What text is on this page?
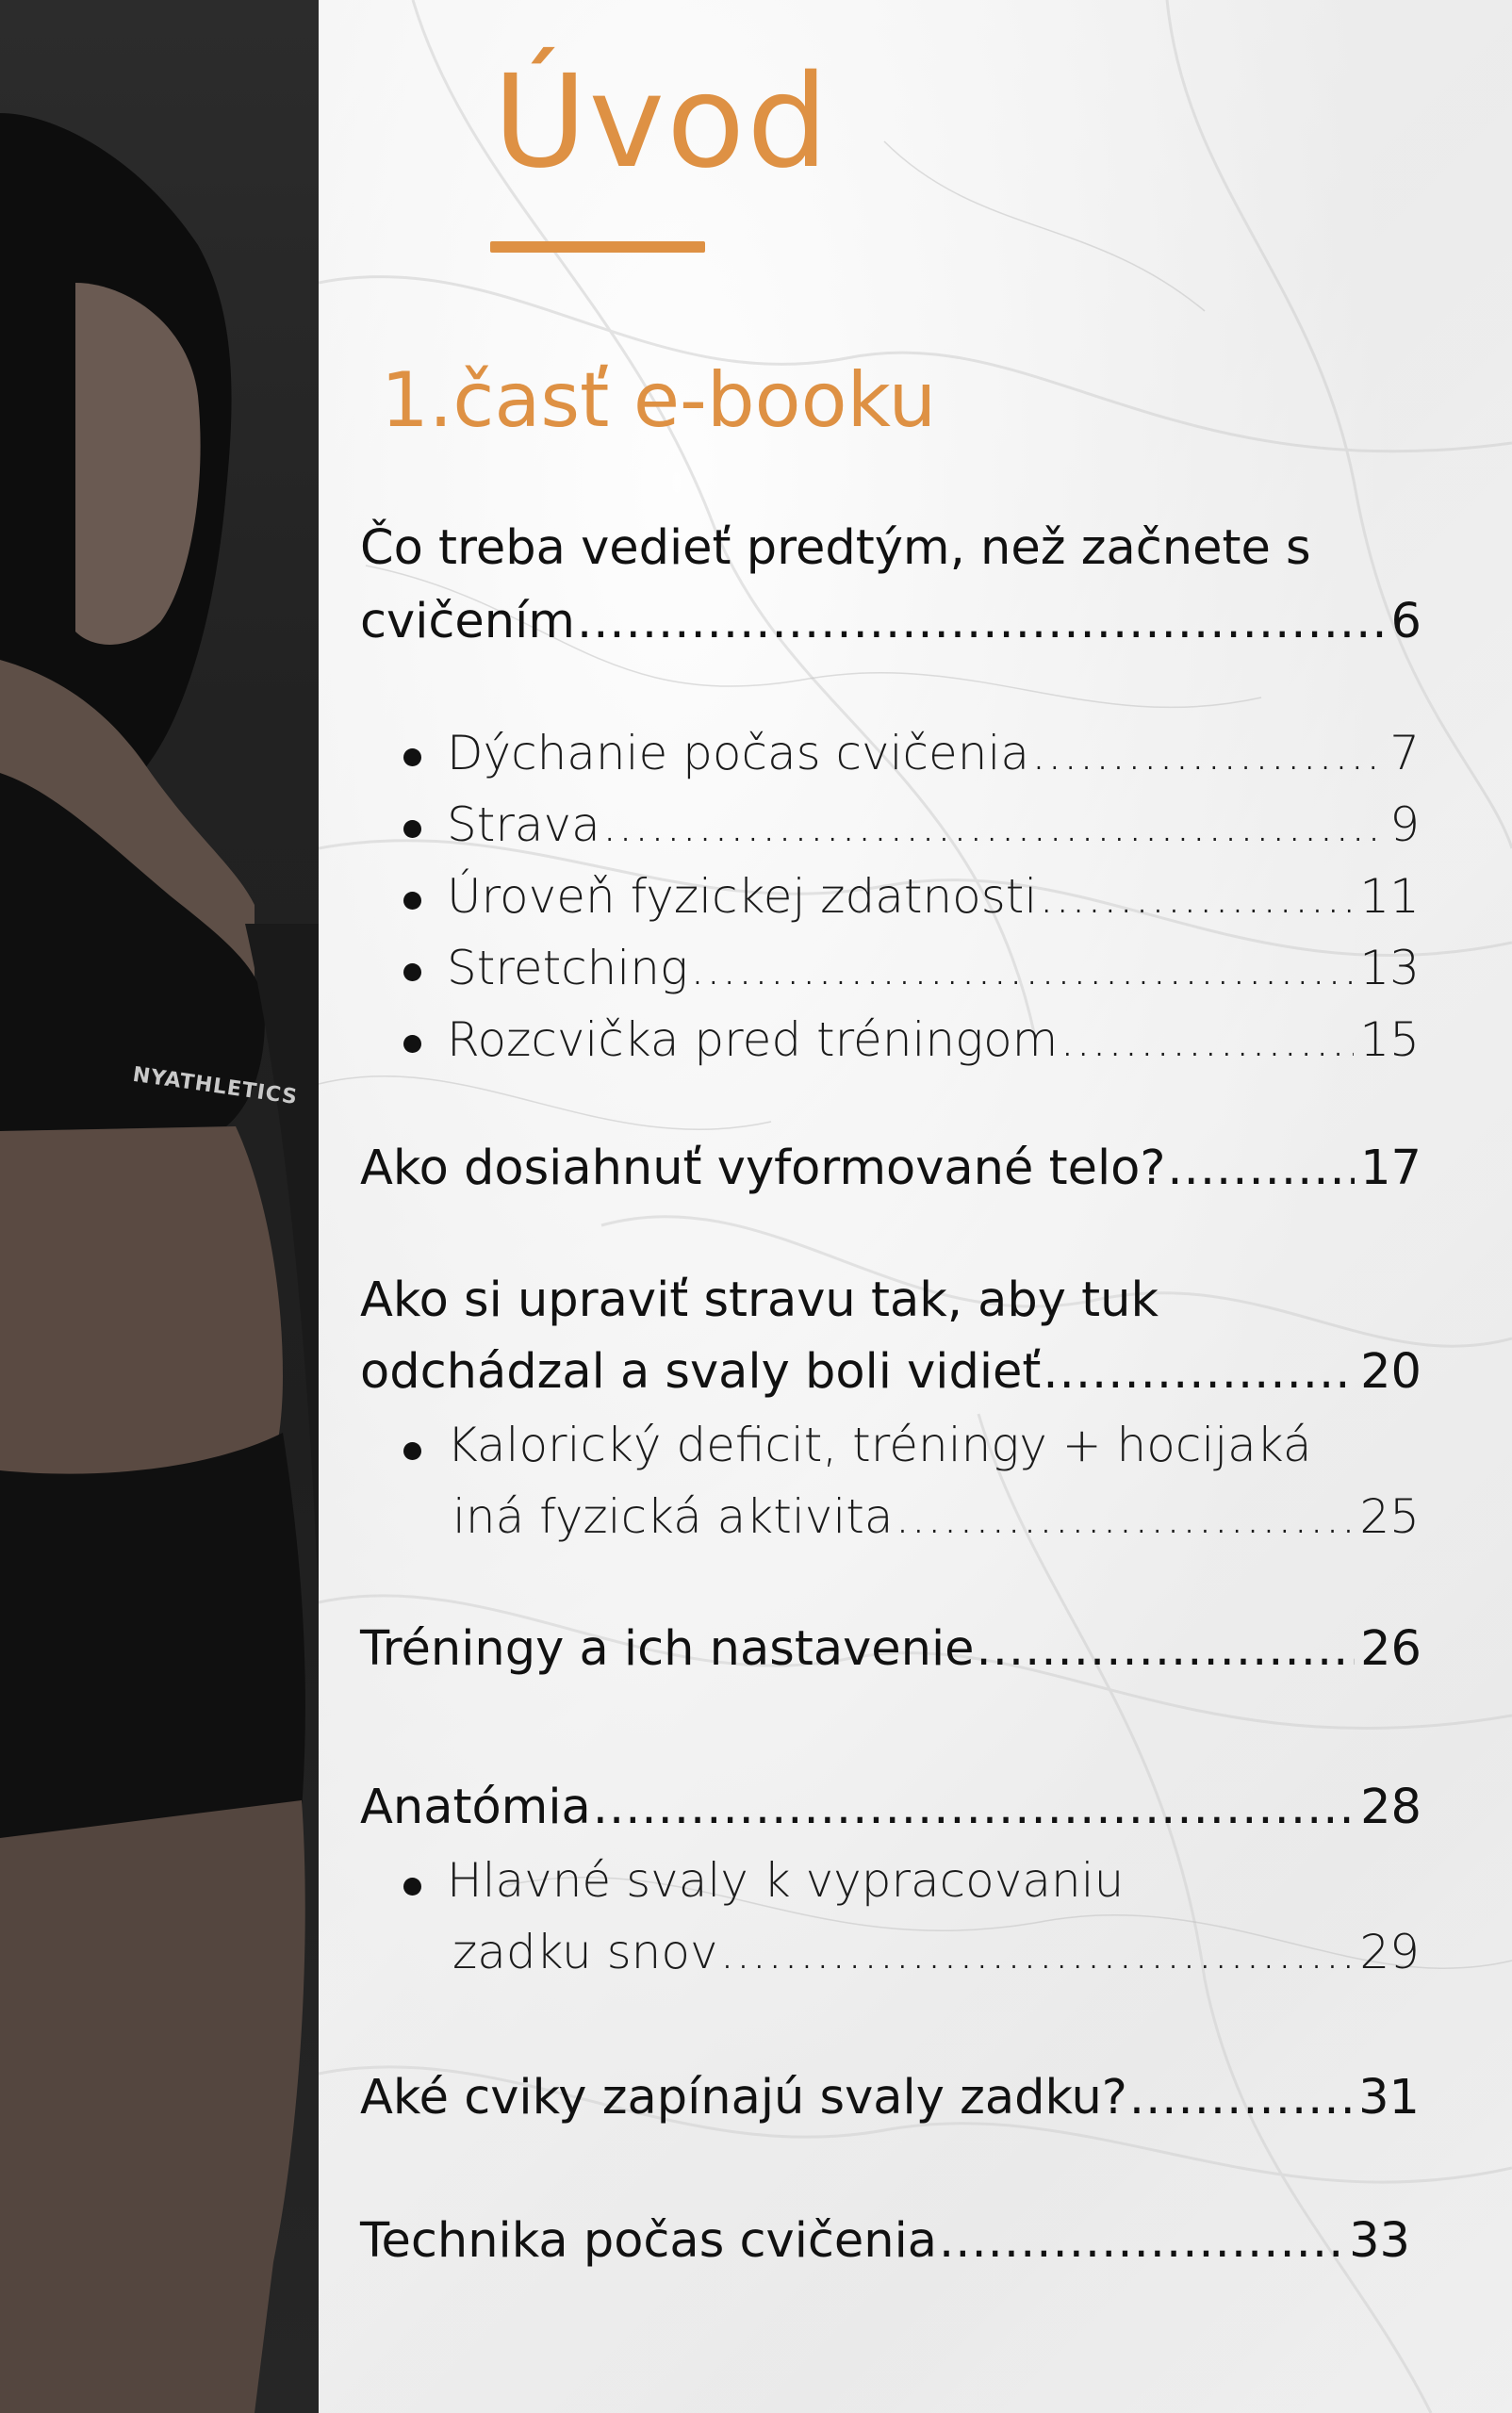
NYATHLETICS
Úvod
1.časť e-booku
Čo treba vedieť predtým, než začnete s
cvičením .....	6
Dýchanie počas cvičenia .....	7
Strava .....	9
Úroveň fyzickej zdatnosti .....	11
Stretching .....	13
Rozcvička pred tréningom .....	15
Ako dosiahnuť vyformované telo? .....	17
Ako si upraviť stravu tak, aby tuk
odchádzal a svaly boli vidieť .....	20
Kalorický deficit, tréningy + hocijaká
iná fyzická aktivita .....	25
Tréningy a ich nastavenie .....	26
Anatómia .....	28
Hlavné svaly k vypracovaniu
zadku snov .....	29
Aké cviky zapínajú svaly zadku? .....	31
Technika počas cvičenia .....	33
